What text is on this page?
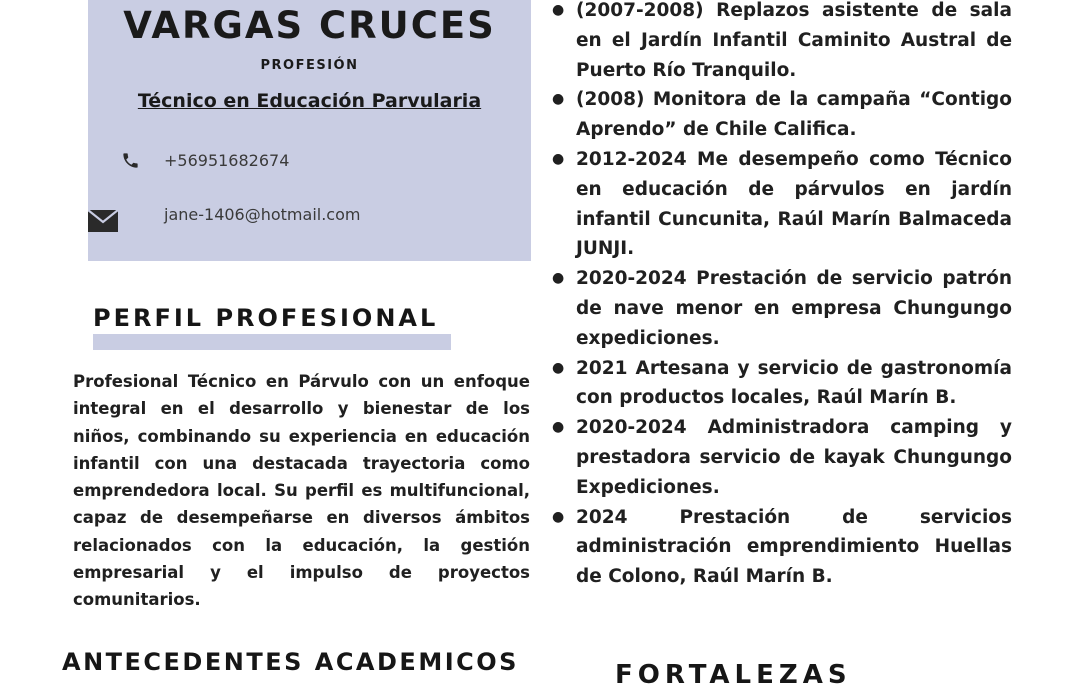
VARGAS CRUCES
PROFESIÓN
Técnico en Educación Parvularia
+56951682674
jane-1406@hotmail.com
PERFIL PROFESIONAL

Profesional Técnico en Párvulo con un enfoque integral en el desarrollo y bienestar de los niños, combinando su experiencia en educación infantil con una destacada trayectoria como emprendedora local. Su perfil es multifuncional, capaz de desempeñarse en diversos ámbitos relacionados con la educación, la gestión empresarial y el impulso de proyectos comunitarios.

ANTECEDENTES ACADEMICOS
● (2007-2008) Replazos asistente de sala en el Jardín Infantil Caminito Austral de Puerto Río Tranquilo.
● (2008) Monitora de la campaña “Contigo Aprendo” de Chile Califica.
● 2012-2024 Me desempeño como Técnico en educación de párvulos en jardín infantil Cuncunita, Raúl Marín Balmaceda JUNJI.
● 2020-2024 Prestación de servicio patrón de nave menor en empresa Chungungo expediciones.
● 2021 Artesana y servicio de gastronomía con productos locales, Raúl Marín B.
● 2020-2024 Administradora camping y prestadora servicio de kayak Chungungo Expediciones.
● 2024 Prestación de servicios administración emprendimiento Huellas de Colono, Raúl Marín B.
FORTALEZAS
